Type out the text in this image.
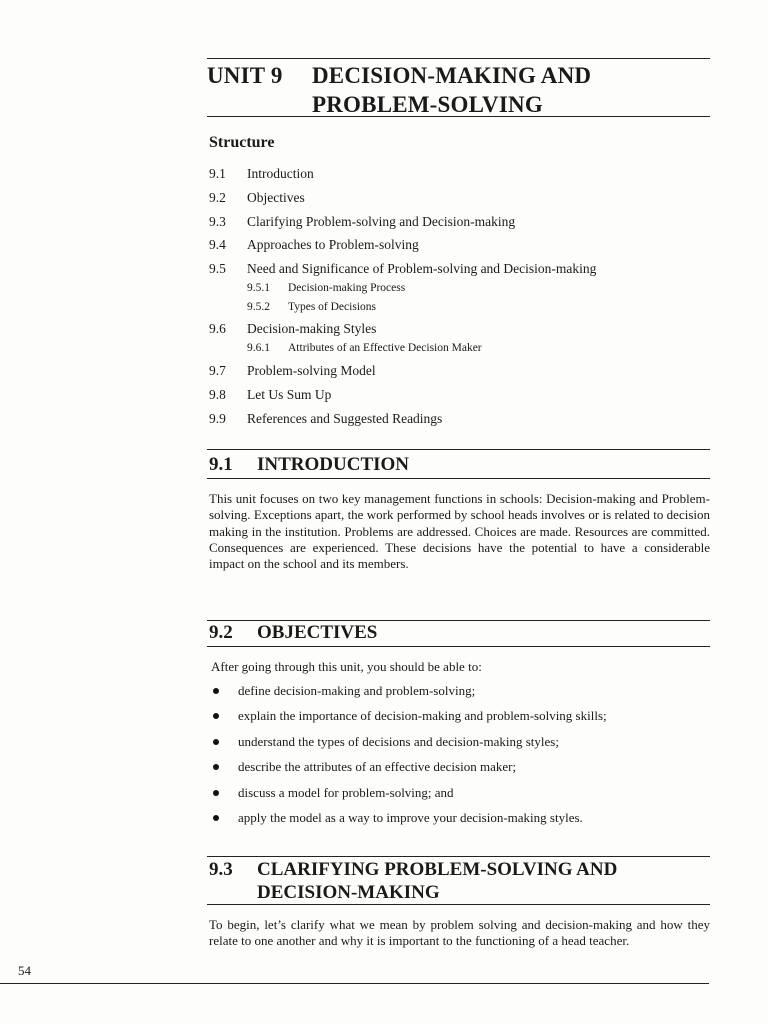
UNIT 9 DECISION-MAKING AND
PROBLEM-SOLVING
Structure
9.1 Introduction
9.2 Objectives
9.3 Clarifying Problem-solving and Decision-making
9.4 Approaches to Problem-solving
9.5 Need and Significance of Problem-solving and Decision-making
9.5.1 Decision-making Process
9.5.2 Types of Decisions
9.6 Decision-making Styles
9.6.1 Attributes of an Effective Decision Maker
9.7 Problem-solving Model
9.8 Let Us Sum Up
9.9 References and Suggested Readings
9.1 INTRODUCTION
This unit focuses on two key management functions in schools: Decision-making and Problem-solving. Exceptions apart, the work performed by school heads involves or is related to decision making in the institution. Problems are addressed. Choices are made. Resources are committed. Consequences are experienced. These decisions have the potential to have a considerable impact on the school and its members.
9.2 OBJECTIVES
After going through this unit, you should be able to:
define decision-making and problem-solving;
explain the importance of decision-making and problem-solving skills;
understand the types of decisions and decision-making styles;
describe the attributes of an effective decision maker;
discuss a model for problem-solving; and
apply the model as a way to improve your decision-making styles.
9.3 CLARIFYING PROBLEM-SOLVING AND
DECISION-MAKING
To begin, let’s clarify what we mean by problem solving and decision-making and how they relate to one another and why it is important to the functioning of a head teacher.
54
